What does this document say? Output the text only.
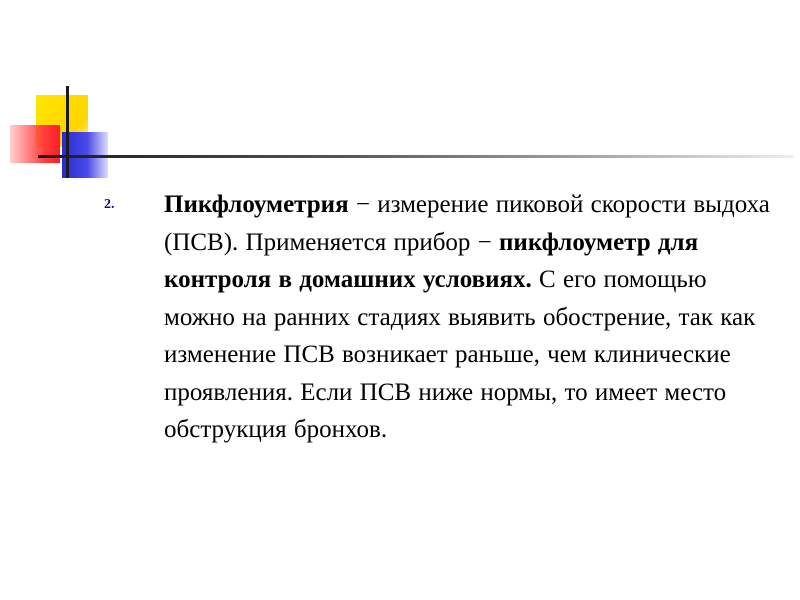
2.	Пикфлоуметрия − измерение пиковой скорости выдоха (ПСВ). Применяется прибор − пикфлоуметр для контроля в домашних условиях. С его помощью можно на ранних стадиях выявить обострение, так как изменение ПСВ возникает раньше, чем клинические проявления. Если ПСВ ниже нормы, то имеет место обструкция бронхов.
